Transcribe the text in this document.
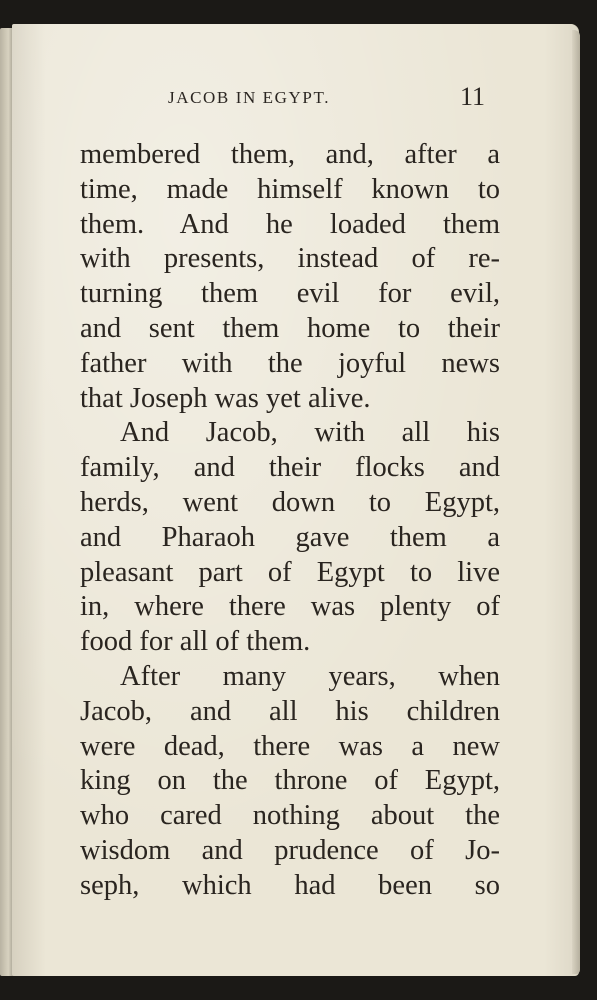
JACOB IN EGYPT.	11
membered them, and, after a
time, made himself known to
them. And he loaded them
with presents, instead of re-
turning them evil for evil,
and sent them home to their
father with the joyful news
that Joseph was yet alive.
And Jacob, with all his
family, and their flocks and
herds, went down to Egypt,
and Pharaoh gave them a
pleasant part of Egypt to live
in, where there was plenty of
food for all of them.
After many years, when
Jacob, and all his children
were dead, there was a new
king on the throne of Egypt,
who cared nothing about the
wisdom and prudence of Jo-
seph, which had been so
